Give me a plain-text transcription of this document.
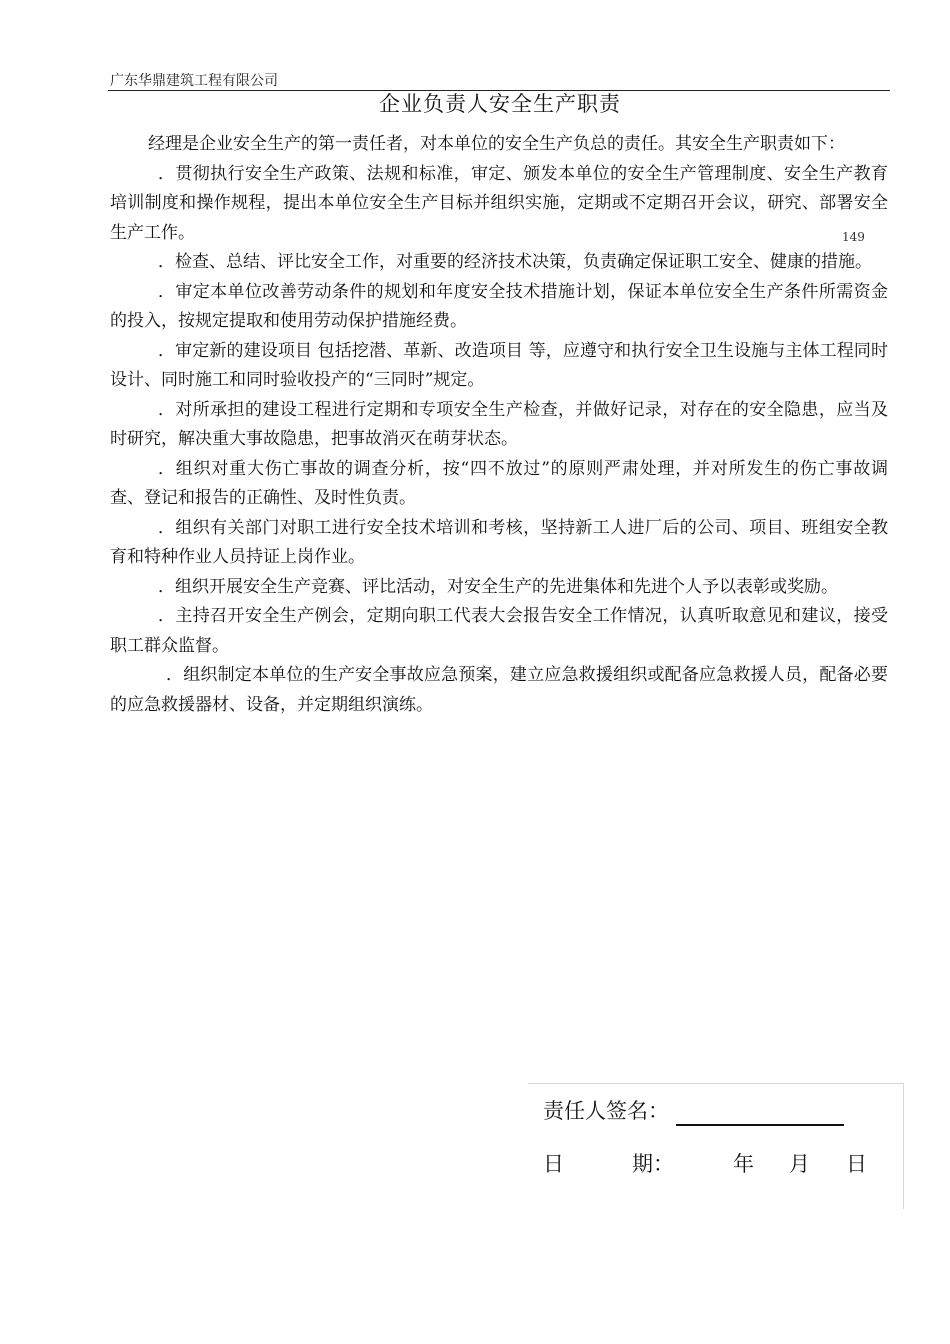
广东华鼎建筑工程有限公司
企业负责人安全生产职责
149

经理是企业安全生产的第一责任者，对本单位的安全生产负总的责任。其安全生产职责如下：

．贯彻执行安全生产政策、法规和标准，审定、颁发本单位的安全生产管理制度、安全生产教育培训制度和操作规程，提出本单位安全生产目标并组织实施，定期或不定期召开会议，研究、部署安全生产工作。

．检查、总结、评比安全工作，对重要的经济技术决策，负责确定保证职工安全、健康的措施。

．审定本单位改善劳动条件的规划和年度安全技术措施计划，保证本单位安全生产条件所需资金的投入，按规定提取和使用劳动保护措施经费。

．审定新的建设项目 包括挖潜、革新、改造项目 等，应遵守和执行安全卫生设施与主体工程同时设计、同时施工和同时验收投产的“三同时”规定。

．对所承担的建设工程进行定期和专项安全生产检查，并做好记录，对存在的安全隐患，应当及时研究，解决重大事故隐患，把事故消灭在萌芽状态。

．组织对重大伤亡事故的调查分析，按“四不放过”的原则严肃处理，并对所发生的伤亡事故调查、登记和报告的正确性、及时性负责。

．组织有关部门对职工进行安全技术培训和考核，坚持新工人进厂后的公司、项目、班组安全教育和特种作业人员持证上岗作业。

．组织开展安全生产竞赛、评比活动，对安全生产的先进集体和先进个人予以表彰或奖励。

．主持召开安全生产例会，定期向职工代表大会报告安全工作情况，认真听取意见和建议，接受职工群众监督。

．组织制定本单位的生产安全事故应急预案，建立应急救援组织或配备应急救援人员，配备必要的应急救援器材、设备，并定期组织演练。

责任人签名：
日	期：	年 月 日
